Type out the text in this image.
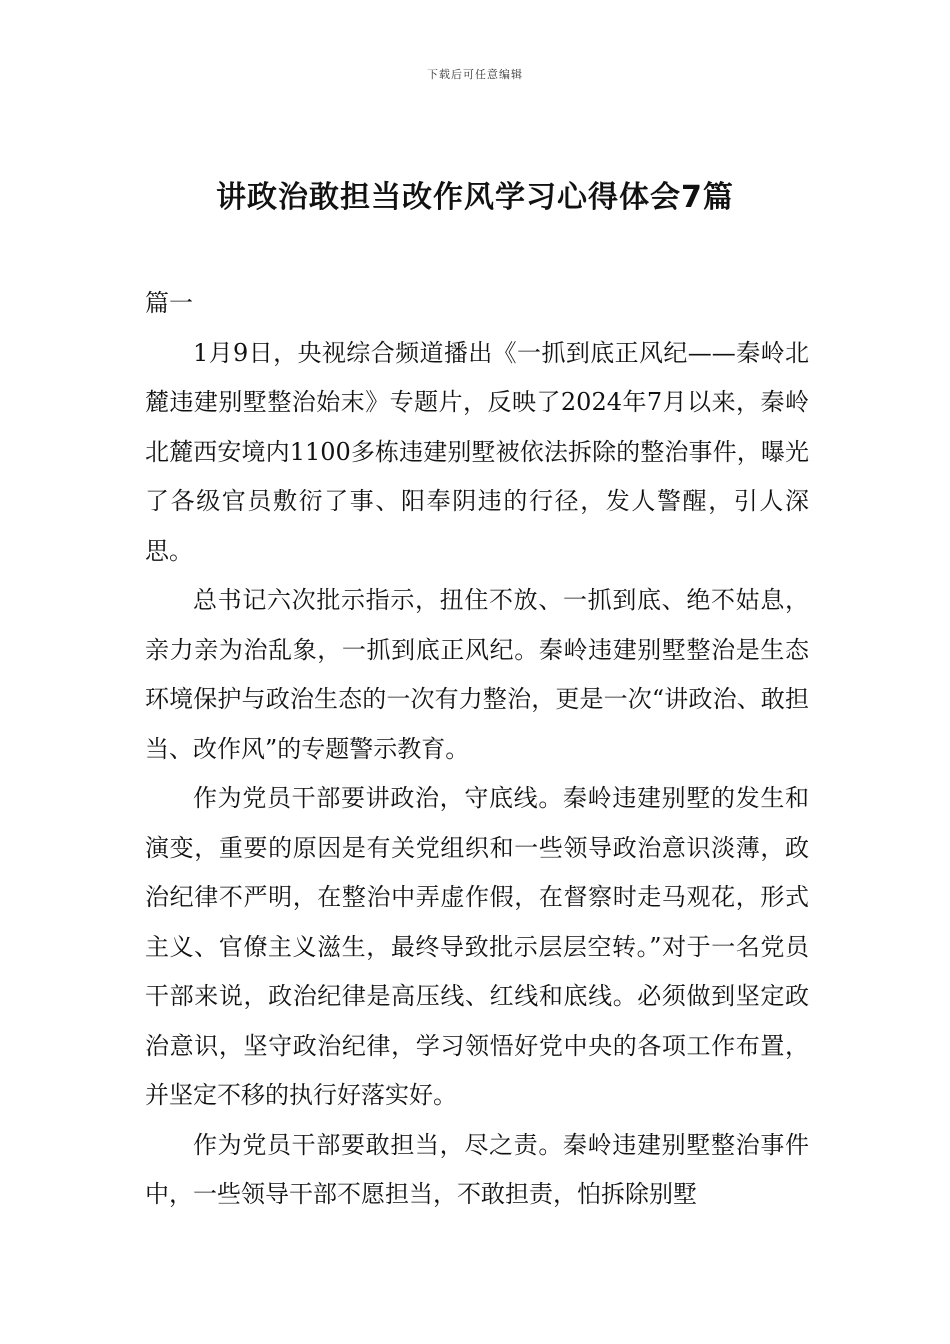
下载后可任意编辑
讲政治敢担当改作风学习心得体会7篇

篇一

1月9日，央视综合频道播出《一抓到底正风纪——秦岭北麓违建别墅整治始末》专题片，反映了2024年7月以来，秦岭北麓西安境内1100多栋违建别墅被依法拆除的整治事件，曝光了各级官员敷衍了事、阳奉阴违的行径，发人警醒，引人深思。

总书记六次批示指示，扭住不放、一抓到底、绝不姑息，亲力亲为治乱象，一抓到底正风纪。秦岭违建别墅整治是生态环境保护与政治生态的一次有力整治，更是一次“讲政治、敢担当、改作风”的专题警示教育。

作为党员干部要讲政治，守底线。秦岭违建别墅的发生和演变，重要的原因是有关党组织和一些领导政治意识淡薄，政治纪律不严明，在整治中弄虚作假，在督察时走马观花，形式主义、官僚主义滋生，最终导致批示层层空转。”对于一名党员干部来说，政治纪律是高压线、红线和底线。必须做到坚定政治意识，坚守政治纪律，学习领悟好党中央的各项工作布置，并坚定不移的执行好落实好。

作为党员干部要敢担当，尽之责。秦岭违建别墅整治事件中，一些领导干部不愿担当，不敢担责，怕拆除别墅
